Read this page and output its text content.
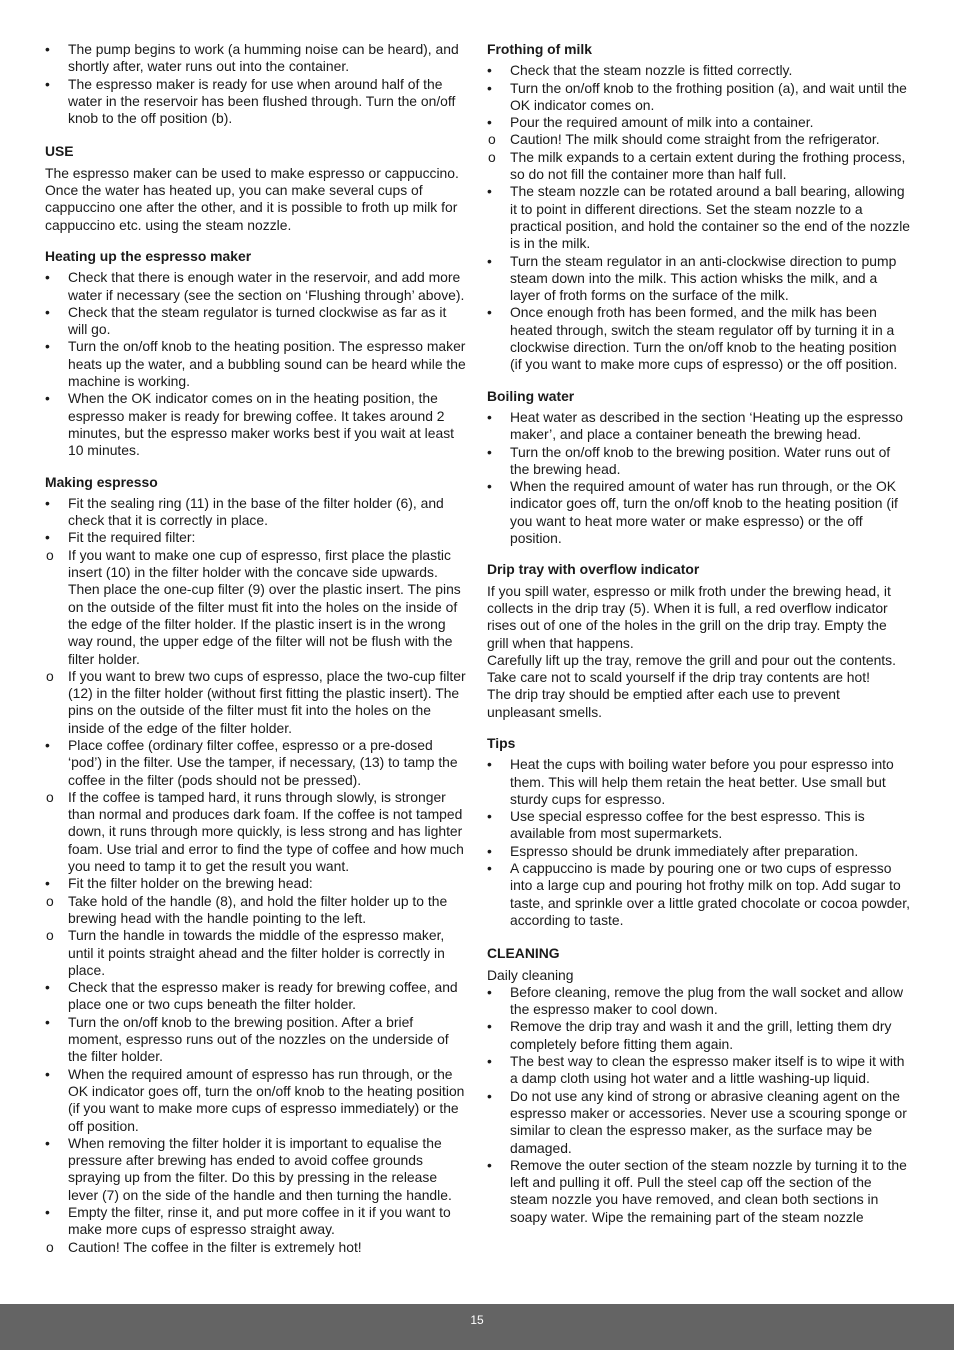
•	The pump begins to work (a humming noise can be heard), and shortly after, water runs out into the container.
•	The espresso maker is ready for use when around half of the water in the reservoir has been flushed through. Turn the on/off knob to the off position (b).
USE

The espresso maker can be used to make espresso or cappuccino. Once the water has heated up, you can make several cups of cappuccino one after the other, and it is possible to froth up milk for cappuccino etc. using the steam nozzle.

Heating up the espresso maker
•	Check that there is enough water in the reservoir, and add more water if necessary (see the section on ‘Flushing through’ above).
•	Check that the steam regulator is turned clockwise as far as it will go.
•	Turn the on/off knob to the heating position. The espresso maker heats up the water, and a bubbling sound can be heard while the machine is working.
•	When the OK indicator comes on in the heating position, the espresso maker is ready for brewing coffee. It takes around 2 minutes, but the espresso maker works best if you wait at least 10 minutes.
Making espresso
•	Fit the sealing ring (11) in the base of the filter holder (6), and check that it is correctly in place.
•	Fit the required filter:
o	If you want to make one cup of espresso, first place the plastic insert (10) in the filter holder with the concave side upwards. Then place the one-cup filter (9) over the plastic insert. The pins on the outside of the filter must fit into the holes on the inside of the edge of the filter holder. If the plastic insert is in the wrong way round, the upper edge of the filter will not be flush with the filter holder.
o	If you want to brew two cups of espresso, place the two-cup filter (12) in the filter holder (without first fitting the plastic insert). The pins on the outside of the filter must fit into the holes on the inside of the edge of the filter holder.
•	Place coffee (ordinary filter coffee, espresso or a pre-dosed ‘pod’) in the filter. Use the tamper, if necessary, (13) to tamp the coffee in the filter (pods should not be pressed).
o	If the coffee is tamped hard, it runs through slowly, is stronger than normal and produces dark foam. If the coffee is not tamped down, it runs through more quickly, is less strong and has lighter foam. Use trial and error to find the type of coffee and how much you need to tamp it to get the result you want.
•	Fit the filter holder on the brewing head:
o	Take hold of the handle (8), and hold the filter holder up to the brewing head with the handle pointing to the left.
o	Turn the handle in towards the middle of the espresso maker, until it points straight ahead and the filter holder is correctly in place.
•	Check that the espresso maker is ready for brewing coffee, and place one or two cups beneath the filter holder.
•	Turn the on/off knob to the brewing position. After a brief moment, espresso runs out of the nozzles on the underside of the filter holder.
•	When the required amount of espresso has run through, or the OK indicator goes off, turn the on/off knob to the heating position (if you want to make more cups of espresso immediately) or the off position.
•	When removing the filter holder it is important to equalise the pressure after brewing has ended to avoid coffee grounds spraying up from the filter. Do this by pressing in the release lever (7) on the side of the handle and then turning the handle.
•	Empty the filter, rinse it, and put more coffee in it if you want to make more cups of espresso straight away.
o	Caution! The coffee in the filter is extremely hot!
Frothing of milk
•	Check that the steam nozzle is fitted correctly.
•	Turn the on/off knob to the frothing position (a), and wait until the OK indicator comes on.
•	Pour the required amount of milk into a container.
o	Caution! The milk should come straight from the refrigerator.
o	The milk expands to a certain extent during the frothing process, so do not fill the container more than half full.
•	The steam nozzle can be rotated around a ball bearing, allowing it to point in different directions. Set the steam nozzle to a practical position, and hold the container so the end of the nozzle is in the milk.
•	Turn the steam regulator in an anti-clockwise direction to pump steam down into the milk. This action whisks the milk, and a layer of froth forms on the surface of the milk.
•	Once enough froth has been formed, and the milk has been heated through, switch the steam regulator off by turning it in a clockwise direction. Turn the on/off knob to the heating position (if you want to make more cups of espresso) or the off position.
Boiling water
•	Heat water as described in the section ‘Heating up the espresso maker’, and place a container beneath the brewing head.
•	Turn the on/off knob to the brewing position. Water runs out of the brewing head.
•	When the required amount of water has run through, or the OK indicator goes off, turn the on/off knob to the heating position (if you want to heat more water or make espresso) or the off position.
Drip tray with overflow indicator

If you spill water, espresso or milk froth under the brewing head, it collects in the drip tray (5). When it is full, a red overflow indicator rises out of one of the holes in the grill on the drip tray. Empty the grill when that happens.

Carefully lift up the tray, remove the grill and pour out the contents. Take care not to scald yourself if the drip tray contents are hot!

The drip tray should be emptied after each use to prevent unpleasant smells.

Tips
•	Heat the cups with boiling water before you pour espresso into them. This will help them retain the heat better. Use small but sturdy cups for espresso.
•	Use special espresso coffee for the best espresso. This is available from most supermarkets.
•	Espresso should be drunk immediately after preparation.
•	A cappuccino is made by pouring one or two cups of espresso into a large cup and pouring hot frothy milk on top. Add sugar to taste, and sprinkle over a little grated chocolate or cocoa powder, according to taste.
CLEANING
Daily cleaning
•	Before cleaning, remove the plug from the wall socket and allow the espresso maker to cool down.
•	Remove the drip tray and wash it and the grill, letting them dry completely before fitting them again.
•	The best way to clean the espresso maker itself is to wipe it with a damp cloth using hot water and a little washing-up liquid.
•	Do not use any kind of strong or abrasive cleaning agent on the espresso maker or accessories. Never use a scouring sponge or similar to clean the espresso maker, as the surface may be damaged.
•	Remove the outer section of the steam nozzle by turning it to the left and pulling it off. Pull the steel cap off the section of the steam nozzle you have removed, and clean both sections in soapy water. Wipe the remaining part of the steam nozzle
15
